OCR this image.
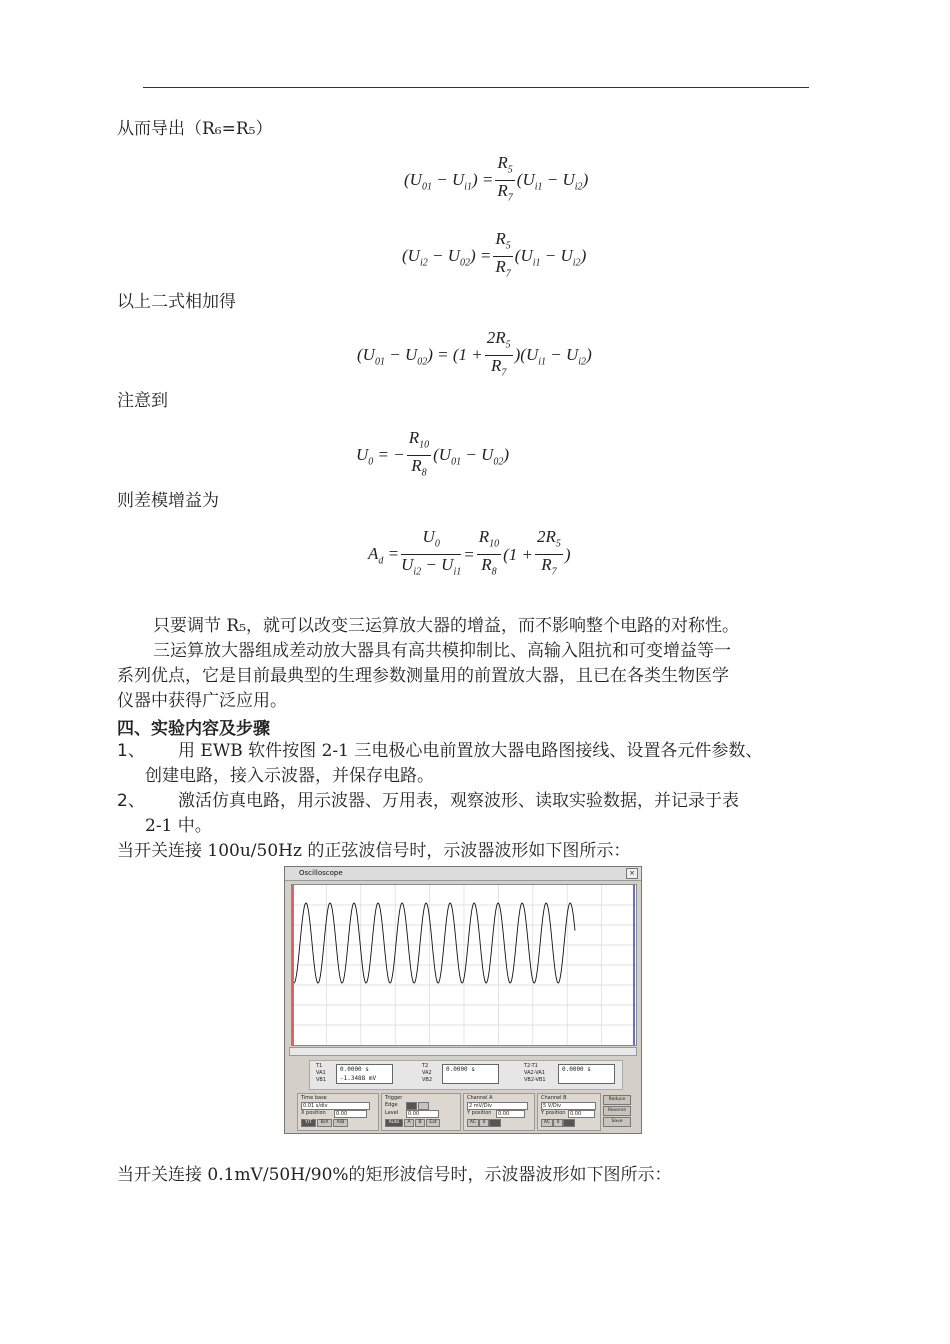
从而导出（R₆=R₅）
$(U_{01} - U_{i1}) = \frac{R_5}{R_7} (U_{i1} - U_{i2})$
$(U_{i2} - U_{02}) = \frac{R_5}{R_7} (U_{i1} - U_{i2})$
以上二式相加得
$(U_{01} - U_{02}) = (1 + \frac{2R_5}{R_7} )(U_{i1} - U_{i2})$
注意到
$U_0$ = − $\frac{R_{10}}{R_8} (U_{01} - U_{02})$
则差模增益为
$A_d = \frac{U_0}{U_{i2} - U_{i1}} = \frac{R_{10}}{R_8} (1 + \frac{2R_5}{R_7}$ )
只要调节 R₅，就可以改变三运算放大器的增益，而不影响整个电路的对称性。
三运算放大器组成差动放大器具有高共模抑制比、高输入阻抗和可变增益等一
系列优点，它是目前最典型的生理参数测量用的前置放大器，且已在各类生物医学
仪器中获得广泛应用。
四、实验内容及步骤
1、 用 EWB 软件按图 2-1 三电极心电前置放大器电路图接线、设置各元件参数、
创建电路，接入示波器，并保存电路。
2、 激活仿真电路，用示波器、万用表，观察波形、读取实验数据，并记录于表
2-1 中。
当开关连接 100u/50Hz 的正弦波信号时，示波器波形如下图所示：
Oscilloscope	×
T1
VA1
VB1
0.0000 s
-1.3488 mV
T2
VA2
VB2
0.0000 s	T2-T1
VA2-VA1
VB2-VB1
0.0000 s
Time base
0.01 s/div
X position	0.00
Y/T	B/A	A/B
Trigger
Edge
Level	0.00
Auto	A	B	Ext
Channel A
2 mV/Div
Y position	0.00
AC	0
Channel B
5 V/Div
Y position 0.00
AC	0
Reduce
Reverse
Save
当开关连接 0.1mV/50H/90%的矩形波信号时，示波器波形如下图所示：
